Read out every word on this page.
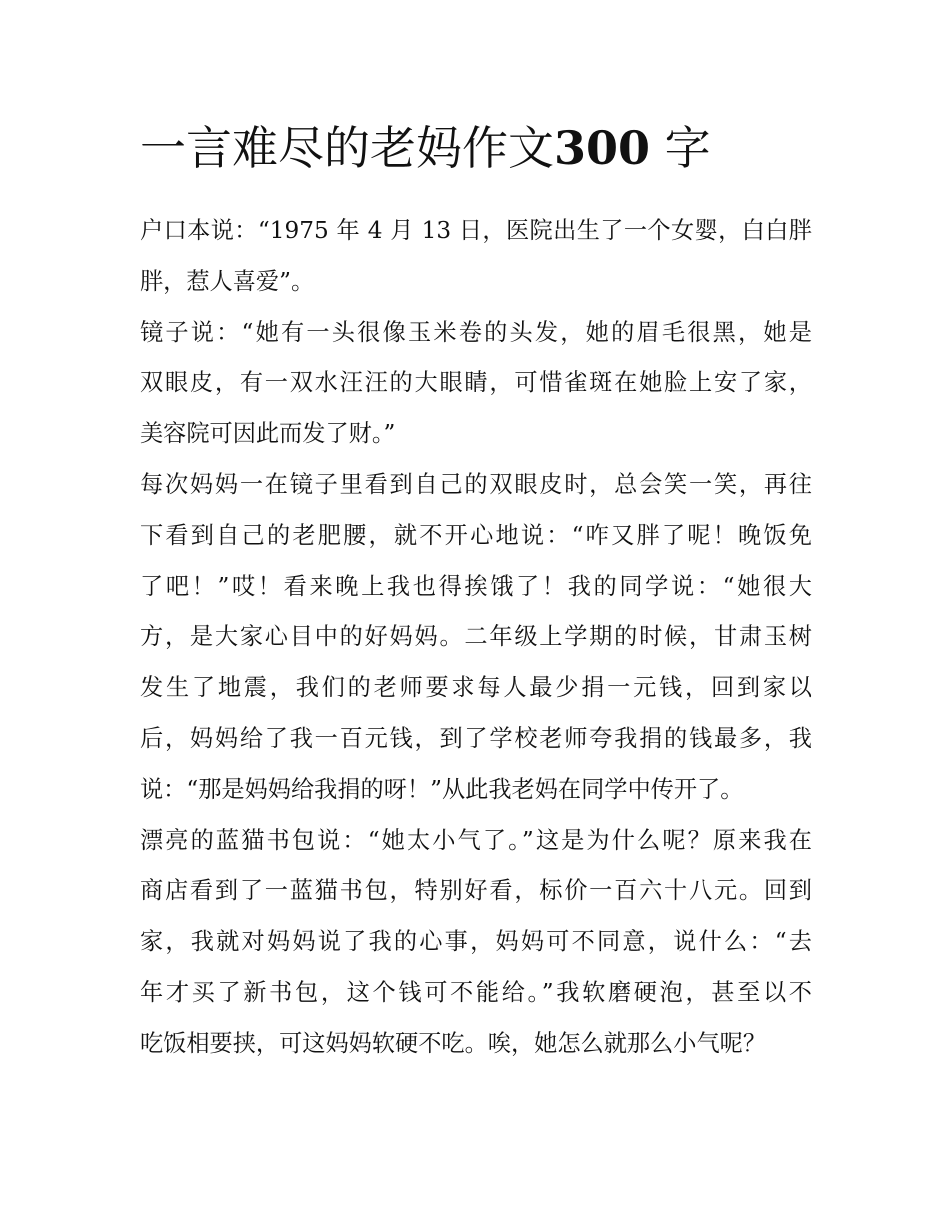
一言难尽的老妈作文300 字

户口本说：“1975 年 4 月 13 日，医院出生了一个女婴，白白胖
胖，惹人喜爱”。

镜子说：“她有一头很像玉米卷的头发，她的眉毛很黑，她是
双眼皮，有一双水汪汪的大眼睛，可惜雀斑在她脸上安了家，
美容院可因此而发了财。”

每次妈妈一在镜子里看到自己的双眼皮时，总会笑一笑，再往
下看到自己的老肥腰，就不开心地说：“咋又胖了呢！晚饭免
了吧！”哎！看来晚上我也得挨饿了！我的同学说：“她很大
方，是大家心目中的好妈妈。二年级上学期的时候，甘肃玉树
发生了地震，我们的老师要求每人最少捐一元钱，回到家以
后，妈妈给了我一百元钱，到了学校老师夸我捐的钱最多，我
说：“那是妈妈给我捐的呀！”从此我老妈在同学中传开了。

漂亮的蓝猫书包说：“她太小气了。”这是为什么呢？原来我在
商店看到了一蓝猫书包，特别好看，标价一百六十八元。回到
家，我就对妈妈说了我的心事，妈妈可不同意，说什么：“去
年才买了新书包，这个钱可不能给。”我软磨硬泡，甚至以不
吃饭相要挟，可这妈妈软硬不吃。唉，她怎么就那么小气呢？
